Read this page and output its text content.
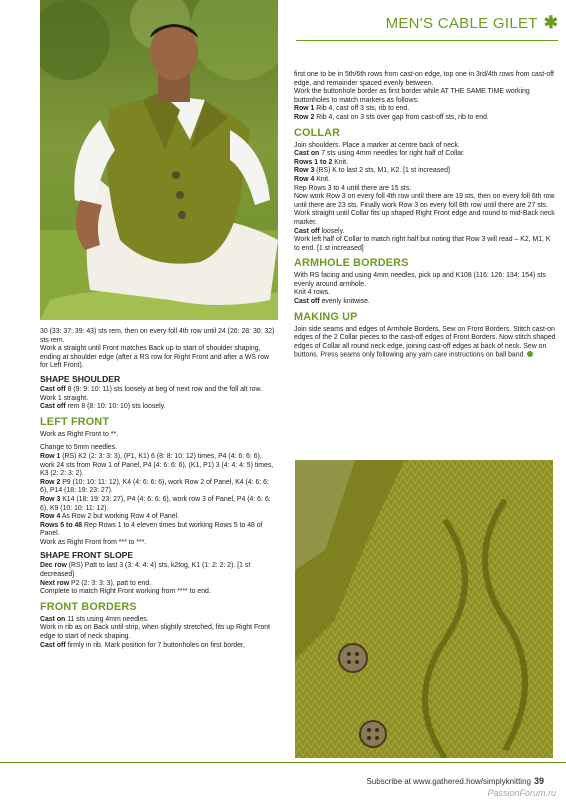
MEN'S CABLE GILET ✱

30 (33: 37: 39: 43) sts rem, then on every foll 4th row until 24 (26: 28: 30: 32) sts rem.

Work a straight until Front matches Back up to start of shoulder shaping, ending at shoulder edge (after a RS row for Right Front and after a WS row for Left Front).

SHAPE SHOULDER

Cast off 8 (9: 9: 10: 11) sts loosely at beg of next row and the foll alt row.

Work 1 straight.

Cast off rem 8 (8: 10: 10: 10) sts loosely.

LEFT FRONT

Work as Right Front to **.

Change to 5mm needles.

Row 1 (RS) K2 (2: 3: 3: 3), (P1, K1) 6 (8: 8: 10: 12) times, P4 (4: 6: 6: 6), work 24 sts from Row 1 of Panel, P4 (4: 6: 6: 6), (K1, P1) 3 (4: 4: 4: 5) times, K3 (2: 2: 3: 2).

Row 2 P9 (10: 10: 11: 12), K4 (4: 6: 6: 6), work Row 2 of Panel, K4 (4: 6: 6: 6), P14 (18: 19: 23: 27).

Row 3 K14 (18: 19: 23: 27), P4 (4: 6: 6: 6), work row 3 of Panel, P4 (4: 6: 6: 6), K9 (10: 10: 11: 12).

Row 4 As Row 2 but working Row 4 of Panel.

Rows 5 to 48 Rep Rows 1 to 4 eleven times but working Rows 5 to 48 of Panel.

Work as Right Front from *** to ***.

SHAPE FRONT SLOPE

Dec row (RS) Patt to last 3 (3: 4: 4: 4) sts, k2tog, K1 (1: 2: 2: 2). [1 st decreased]

Next row P2 (2: 3: 3: 3), patt to end.

Complete to match Right Front working from **** to end.

FRONT BORDERS

Cast on 11 sts using 4mm needles.

Work in rib as on Back until strip, when slightly stretched, fits up Right Front edge to start of neck shaping.

Cast off firmly in rib. Mark position for 7 buttonholes on first border,

first one to be in 5th/6th rows from cast-on edge, top one in 3rd/4th rows from cast-off edge, and remainder spaced evenly between.

Work the buttonhole border as first border while AT THE SAME TIME working buttonholes to match markers as follows:

Row 1 Rib 4, cast off 3 sts, rib to end.

Row 2 Rib 4, cast on 3 sts over gap from cast-off sts, rib to end.

COLLAR

Join shoulders. Place a marker at centre back of neck.

Cast on 7 sts using 4mm needles for right half of Collar.

Rows 1 to 2 Knit.

Row 3 (RS) K to last 2 sts, M1, K2. [1 st increased]

Row 4 Knit.

Rep Rows 3 to 4 until there are 15 sts.

Now work Row 3 on every foll 4th row until there are 19 sts, then on every foll 6th row until there are 23 sts. Finally work Row 3 on every foll 8th row until there are 27 sts.

Work straight until Collar fits up shaped Right Front edge and round to mid-Back neck marker.

Cast off loosely.

Work left half of Collar to match right half but noting that Row 3 will read – K2, M1, K to end. [1 st increased]

ARMHOLE BORDERS

With RS facing and using 4mm needles, pick up and K108 (116: 126: 134: 154) sts evenly around armhole.

Knit 4 rows.

Cast off evenly knitwise.

MAKING UP

Join side seams and edges of Armhole Borders. Sew on Front Borders. Stitch cast-on edges of the 2 Collar pieces to the cast-off edges of Front Borders. Now stitch shaped edges of Collar all round neck edge, joining cast-off edges at back of neck. Sew on buttons. Press seams only following any yarn care instructions on ball band.

Subscribe at www.gathered.how/simplyknitting 39
PassionForum.ru
